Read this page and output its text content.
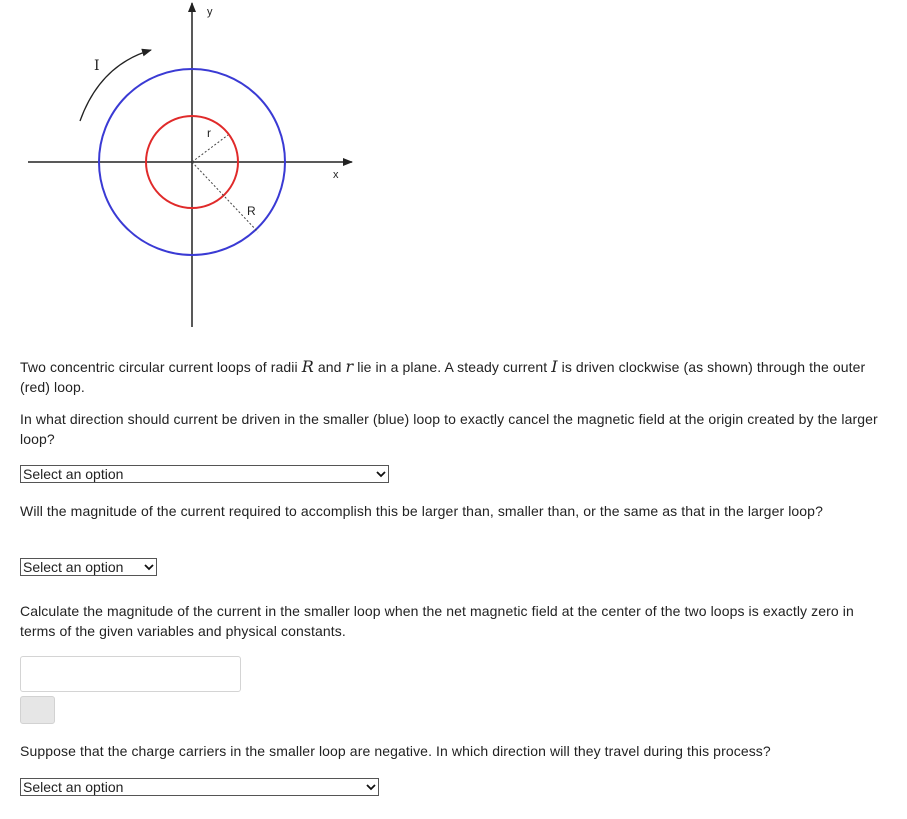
x
y
r
R
I

Two concentric circular current loops of radii R and r lie in a plane. A steady current I is driven clockwise (as shown) through the outer (red) loop.

In what direction should current be driven in the smaller (blue) loop to exactly cancel the magnetic field at the origin created by the larger loop?

Select an option

Will the magnitude of the current required to accomplish this be larger than, smaller than, or the same as that in the larger loop?

Select an option

Calculate the magnitude of the current in the smaller loop when the net magnetic field at the center of the two loops is exactly zero in terms of the given variables and physical constants.

Suppose that the charge carriers in the smaller loop are negative. In which direction will they travel during this process?

Select an option
